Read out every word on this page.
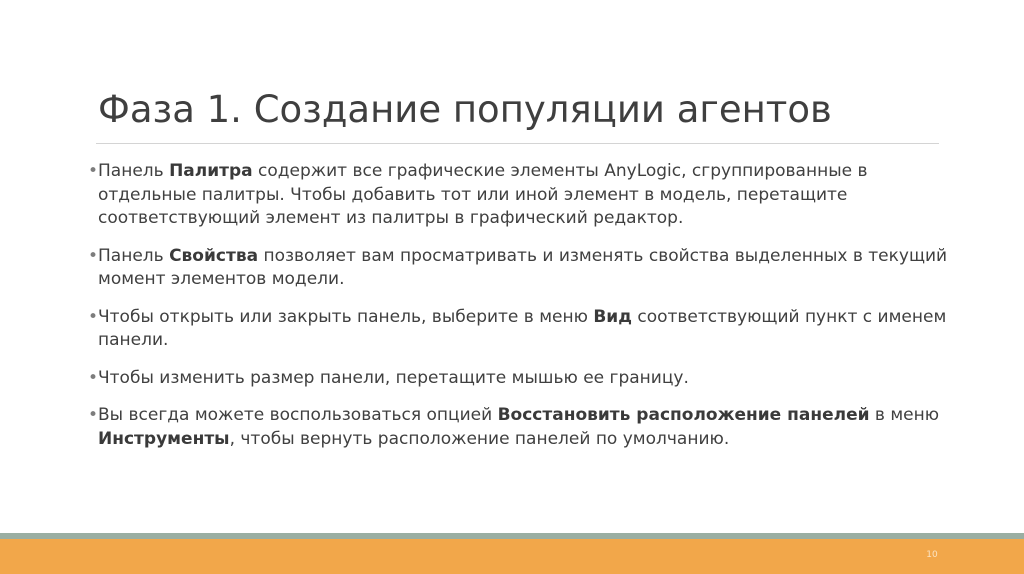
Фаза 1. Создание популяции агентов
• Панель Палитра содержит все графические элементы AnyLogic, сгруппированные в отдельные палитры. Чтобы добавить тот или иной элемент в модель, перетащите соответствующий элемент из палитры в графический редактор.
• Панель Свойства позволяет вам просматривать и изменять свойства выделенных в текущий момент элементов модели.
• Чтобы открыть или закрыть панель, выберите в меню Вид соответствующий пункт с именем панели.
• Чтобы изменить размер панели, перетащите мышью ее границу.
• Вы всегда можете воспользоваться опцией Восстановить расположение панелей в меню Инструменты, чтобы вернуть расположение панелей по умолчанию.
10
